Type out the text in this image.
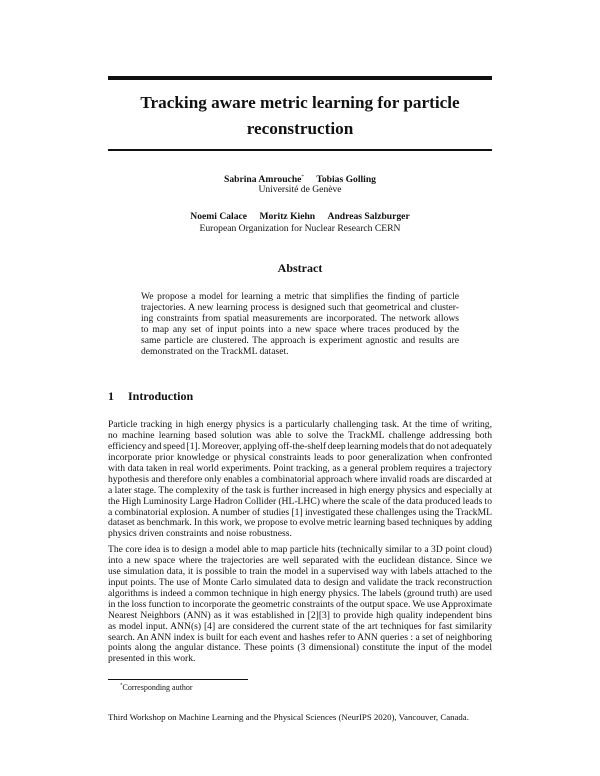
Tracking aware metric learning for particle
reconstruction
Sabrina Amrouche* Tobias Golling
Université de Genève
Noemi Calace Moritz Kiehn Andreas Salzburger
European Organization for Nuclear Research CERN
Abstract
We propose a model for learning a metric that simplifies the finding of particle
trajectories. A new learning process is designed such that geometrical and cluster-
ing constraints from spatial measurements are incorporated. The network allows
to map any set of input points into a new space where traces produced by the
same particle are clustered. The approach is experiment agnostic and results are
demonstrated on the TrackML dataset.
1 Introduction
Particle tracking in high energy physics is a particularly challenging task. At the time of writing,
no machine learning based solution was able to solve the TrackML challenge addressing both
efficiency and speed [1]. Moreover, applying off-the-shelf deep learning models that do not adequately
incorporate prior knowledge or physical constraints leads to poor generalization when confronted
with data taken in real world experiments. Point tracking, as a general problem requires a trajectory
hypothesis and therefore only enables a combinatorial approach where invalid roads are discarded at
a later stage. The complexity of the task is further increased in high energy physics and especially at
the High Luminosity Large Hadron Collider (HL-LHC) where the scale of the data produced leads to
a combinatorial explosion. A number of studies [1] investigated these challenges using the TrackML
dataset as benchmark. In this work, we propose to evolve metric learning based techniques by adding
physics driven constraints and noise robustness.
The core idea is to design a model able to map particle hits (technically similar to a 3D point cloud)
into a new space where the trajectories are well separated with the euclidean distance. Since we
use simulation data, it is possible to train the model in a supervised way with labels attached to the
input points. The use of Monte Carlo simulated data to design and validate the track reconstruction
algorithms is indeed a common technique in high energy physics. The labels (ground truth) are used
in the loss function to incorporate the geometric constraints of the output space. We use Approximate
Nearest Neighbors (ANN) as it was established in [2][3] to provide high quality independent bins
as model input. ANN(s) [4] are considered the current state of the art techniques for fast similarity
search. An ANN index is built for each event and hashes refer to ANN queries : a set of neighboring
points along the angular distance. These points (3 dimensional) constitute the input of the model
presented in this work.
*Corresponding author
Third Workshop on Machine Learning and the Physical Sciences (NeurIPS 2020), Vancouver, Canada.
